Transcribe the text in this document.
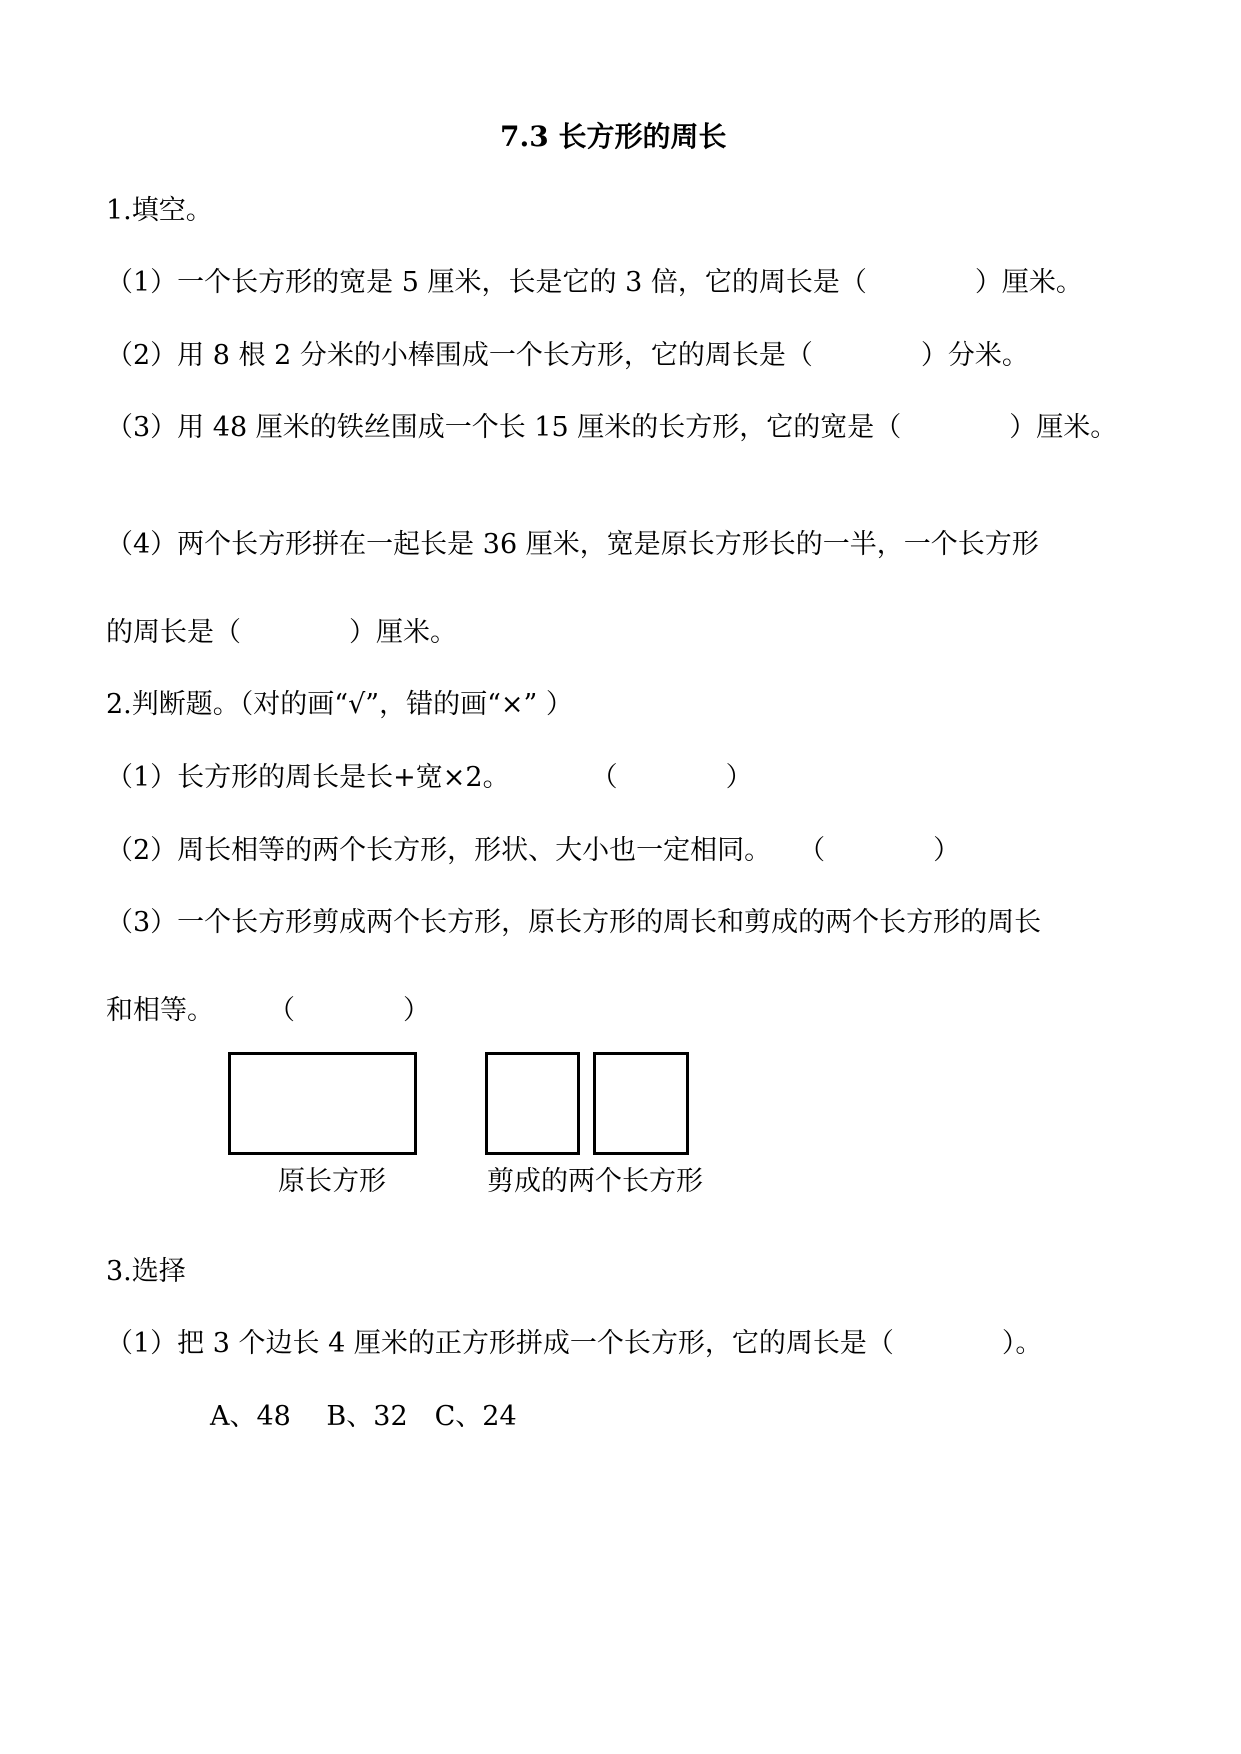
7.3 长方形的周长
1.填空。
（1）一个长方形的宽是 5 厘米，长是它的 3 倍，它的周长是（　　　　）厘米。
（2）用 8 根 2 分米的小棒围成一个长方形，它的周长是（　　　　）分米。
（3）用 48 厘米的铁丝围成一个长 15 厘米的长方形，它的宽是（　　　　）厘米。
（4）两个长方形拼在一起长是 36 厘米，宽是原长方形长的一半，一个长方形
的周长是（　　　　）厘米。
2.判断题。（对的画“√”，错的画“×” ）
（1）长方形的周长是长+宽×2。　　　　（　　　　）
（2）周长相等的两个长方形，形状、大小也一定相同。　　（　　　　）
（3）一个长方形剪成两个长方形，原长方形的周长和剪成的两个长方形的周长
和相等。　　　（　　　　）
原长方形	剪成的两个长方形
3.选择
（1）把 3 个边长 4 厘米的正方形拼成一个长方形，它的周长是（　　　　）。
A、48　 B、32　C、24
